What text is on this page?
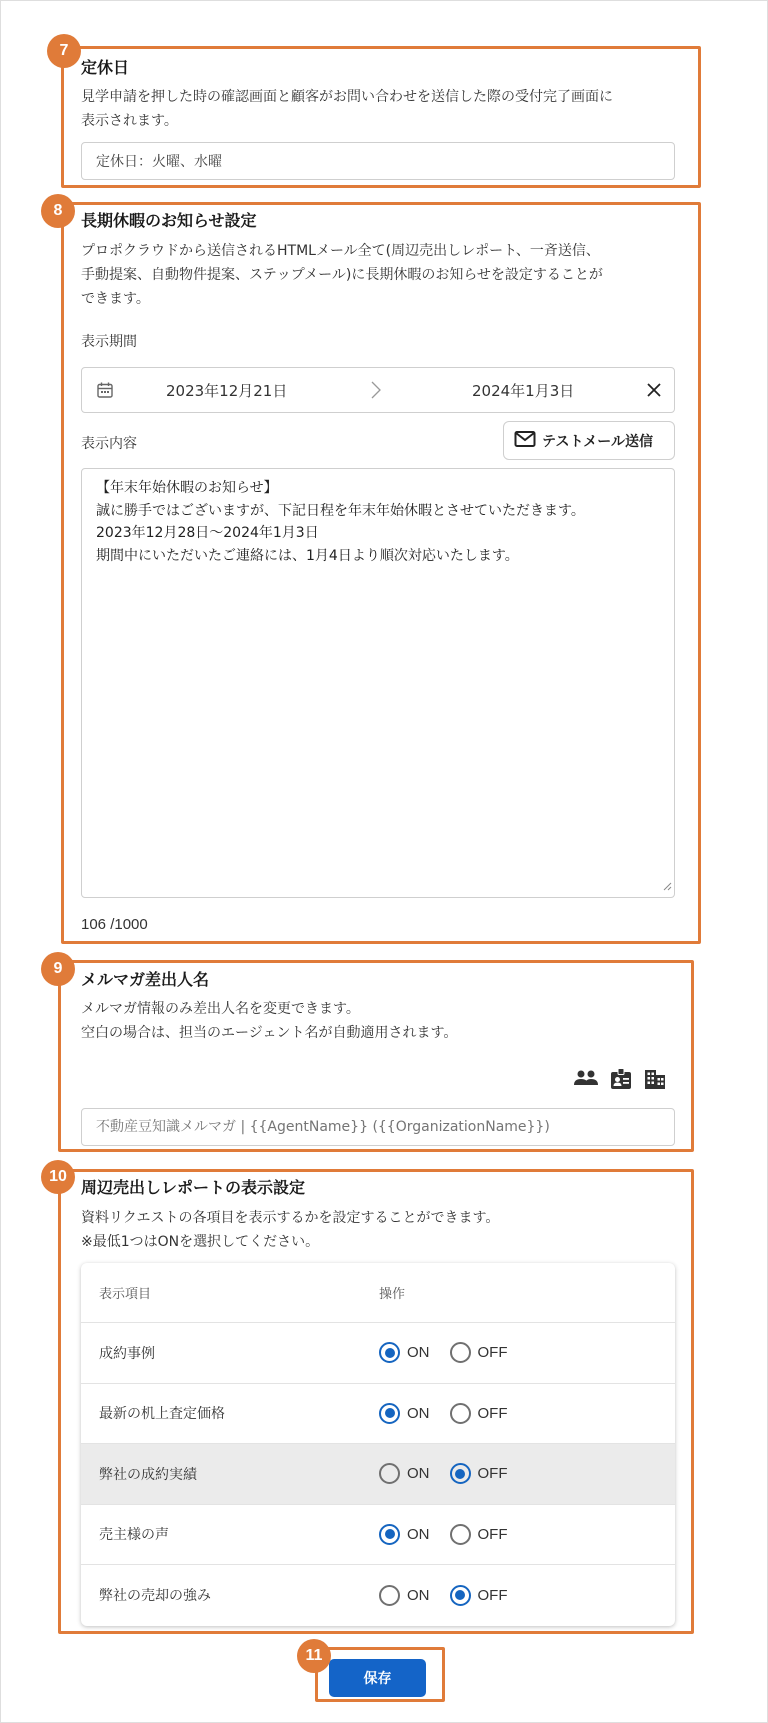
7
定休日
見学申請を押した時の確認画面と顧客がお問い合わせを送信した際の受付完了画面に
表示されます。
定休日：火曜、水曜
8
長期休暇のお知らせ設定
プロポクラウドから送信されるHTMLメール全て(周辺売出しレポート、一斉送信、
手動提案、自動物件提案、ステップメール)に長期休暇のお知らせを設定することが
できます。
表示期間
2023年12月21日	2024年1月3日
表示内容	テストメール送信
【年末年始休暇のお知らせ】
誠に勝手ではございますが、下記日程を年末年始休暇とさせていただきます。
2023年12月28日～2024年1月3日
期間中にいただいたご連絡には、1月4日より順次対応いたします。
106 /1000
9
メルマガ差出人名
メルマガ情報のみ差出人名を変更できます。
空白の場合は、担当のエージェント名が自動適用されます。
不動産豆知識メルマガ | {{AgentName}} ({{OrganizationName}})
10
周辺売出しレポートの表示設定
資料リクエストの各項目を表示するかを設定することができます。
※最低1つはONを選択してください。
表示項目	操作
成約事例	ON	OFF
最新の机上査定価格	ON	OFF
弊社の成約実績	ON	OFF
売主様の声	ON	OFF
弊社の売却の強み	ON	OFF
11
保存
